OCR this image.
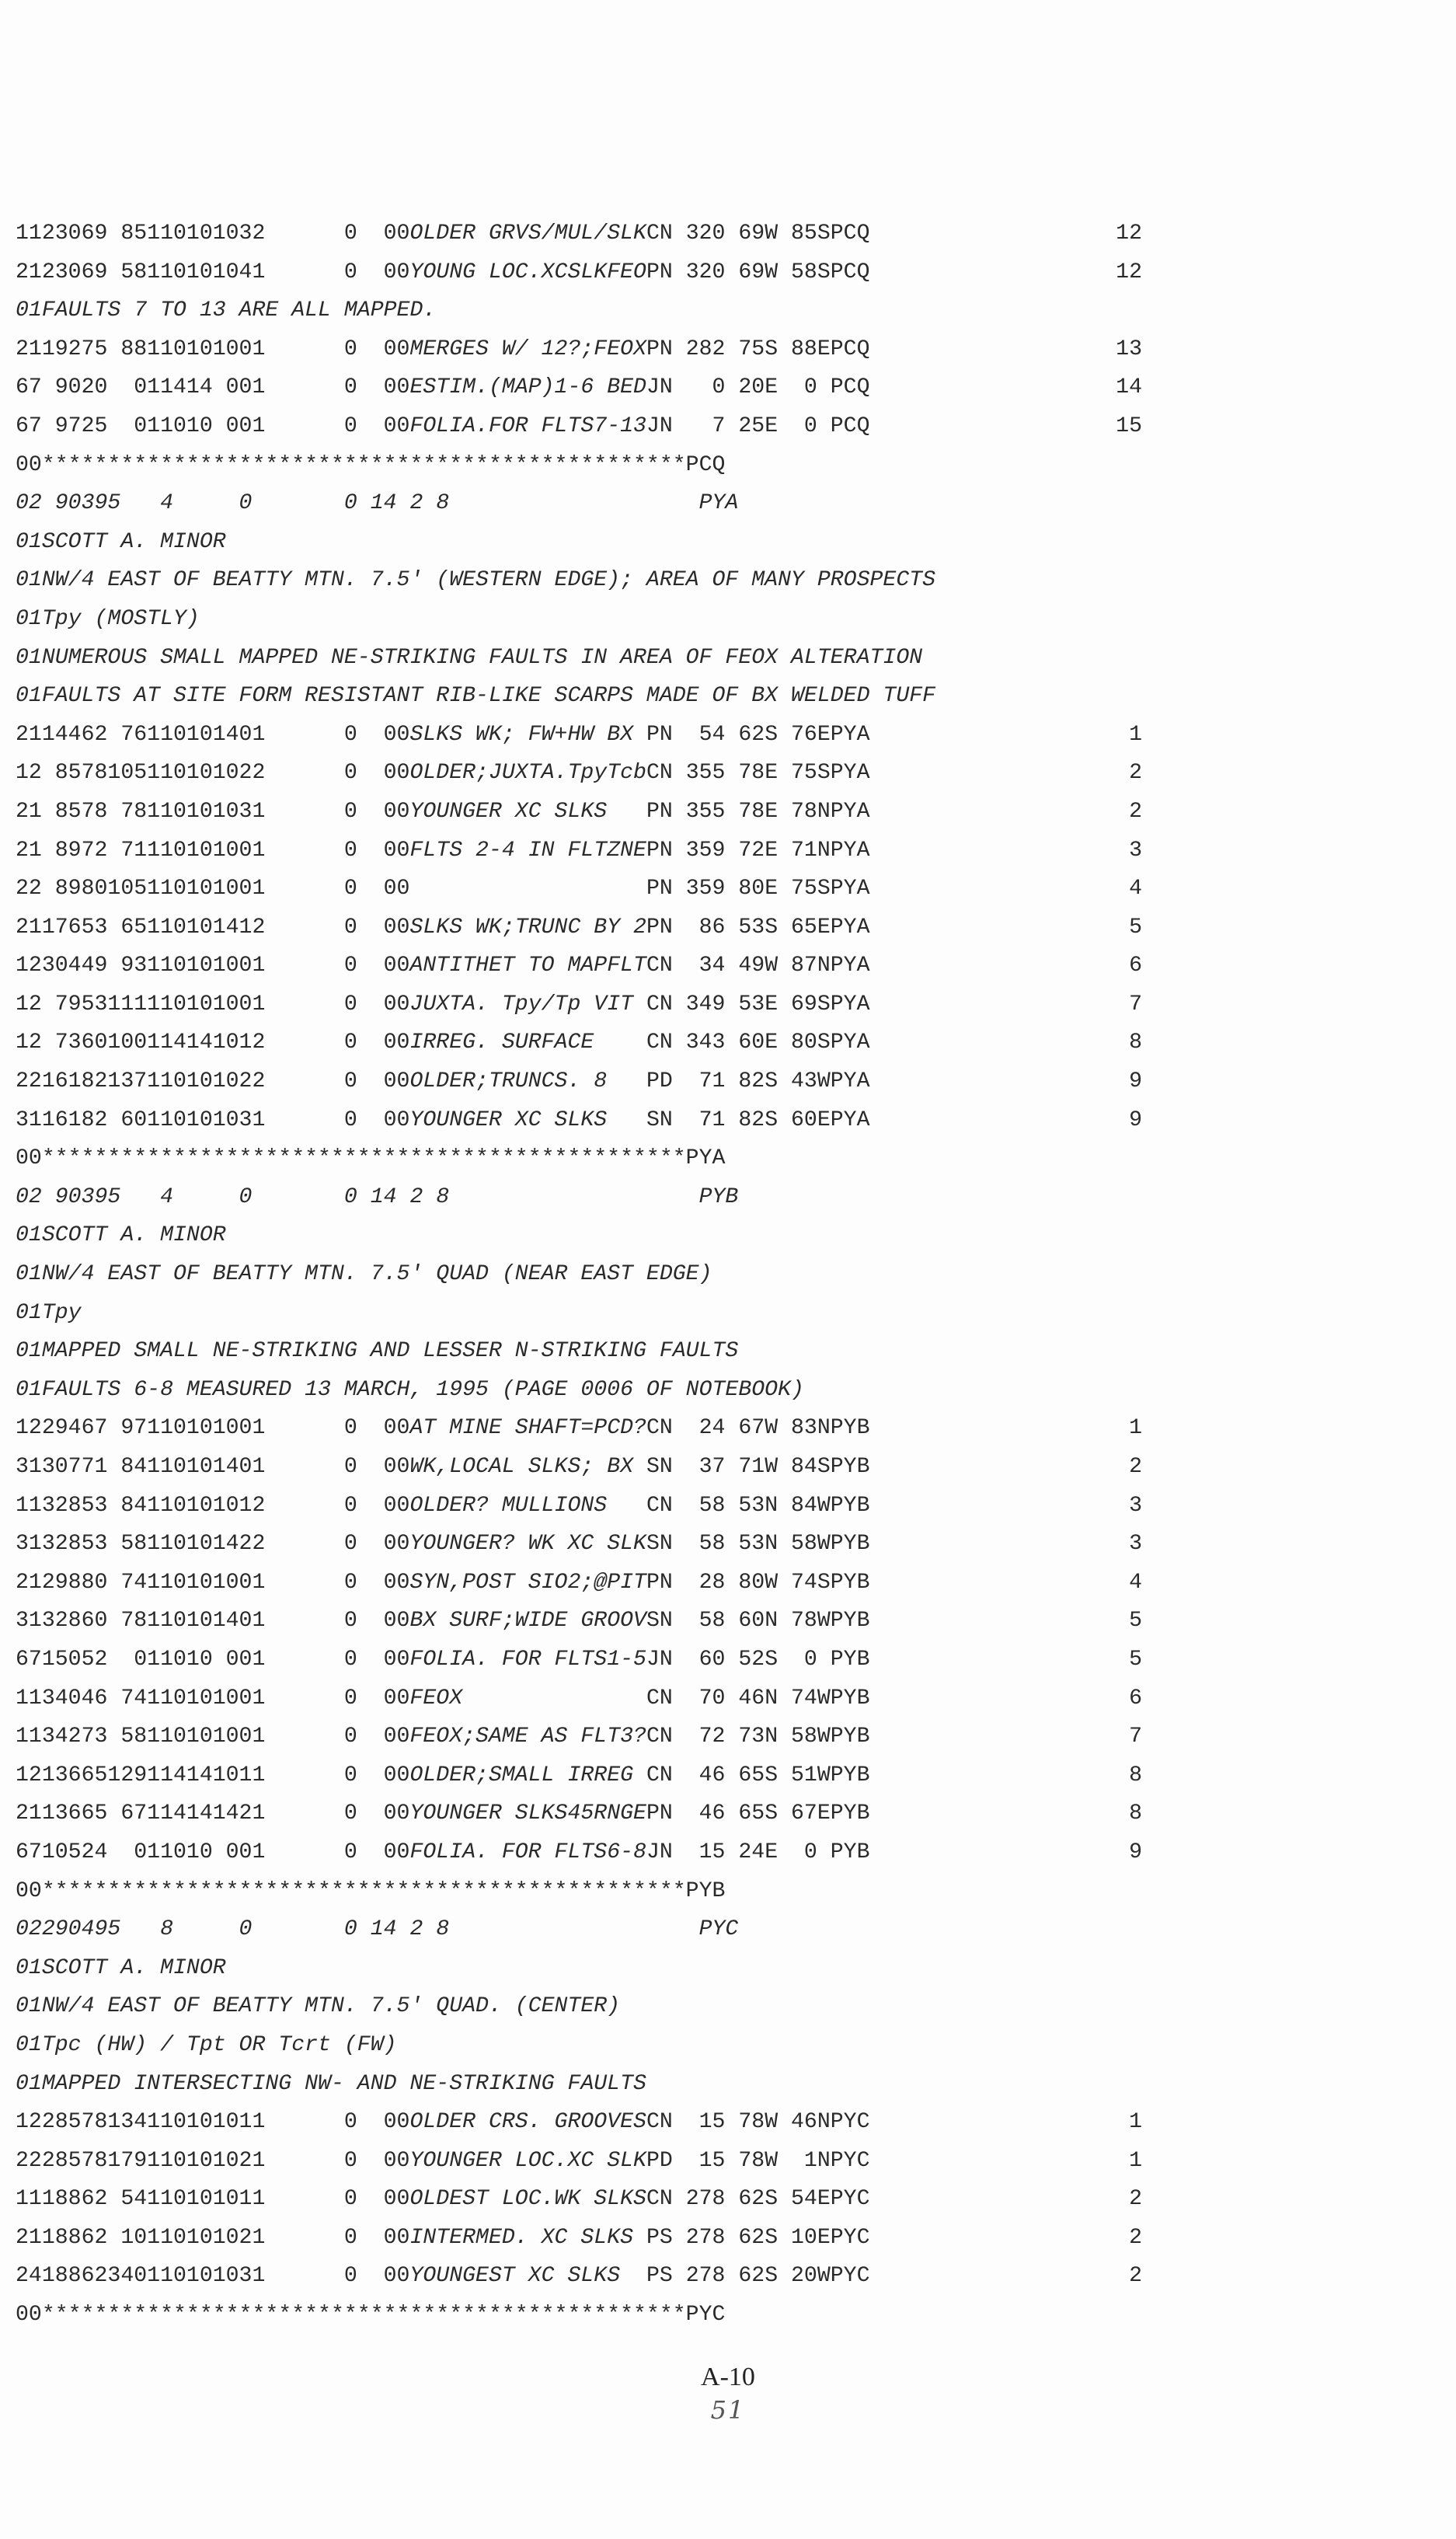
1123069 85110101032      0  00OLDER GRVS/MUL/SLKCN 320 69W 85SPCQ	12
2123069 58110101041      0  00YOUNG LOC.XCSLKFEOPN 320 69W 58SPCQ	12
01FAULTS 7 TO 13 ARE ALL MAPPED.
2119275 88110101001      0  00MERGES W/ 12?;FEOXPN 282 75S 88EPCQ	13
67 9020  011414 001      0  00ESTIM.(MAP)1-6 BEDJN   0 20E  0 PCQ	14
67 9725  011010 001      0  00FOLIA.FOR FLTS7-13JN   7 25E  0 PCQ	15
00*************************************************PCQ
02 90395   4     0       0 14 2 8                   PYA
01SCOTT A. MINOR
01NW/4 EAST OF BEATTY MTN. 7.5' (WESTERN EDGE); AREA OF MANY PROSPECTS
01Tpy (MOSTLY)
01NUMEROUS SMALL MAPPED NE-STRIKING FAULTS IN AREA OF FEOX ALTERATION
01FAULTS AT SITE FORM RESISTANT RIB-LIKE SCARPS MADE OF BX WELDED TUFF
2114462 76110101401      0  00SLKS WK; FW+HW BX PN  54 62S 76EPYA	1
12 8578105110101022      0  00OLDER;JUXTA.TpyTcbCN 355 78E 75SPYA	2
21 8578 78110101031      0  00YOUNGER XC SLKS   PN 355 78E 78NPYA	2
21 8972 71110101001      0  00FLTS 2-4 IN FLTZNEPN 359 72E 71NPYA	3
22 8980105110101001      0  00	PN 359 80E 75SPYA	4
2117653 65110101412      0  00SLKS WK;TRUNC BY 2PN  86 53S 65EPYA	5
1230449 93110101001      0  00ANTITHET TO MAPFLTCN  34 49W 87NPYA	6
12 7953111110101001      0  00JUXTA. Tpy/Tp VIT CN 349 53E 69SPYA	7
12 7360100114141012      0  00IRREG. SURFACE    CN 343 60E 80SPYA	8
2216182137110101022      0  00OLDER;TRUNCS. 8   PD  71 82S 43WPYA	9
3116182 60110101031      0  00YOUNGER XC SLKS   SN  71 82S 60EPYA	9
00*************************************************PYA
02 90395   4     0       0 14 2 8                   PYB
01SCOTT A. MINOR
01NW/4 EAST OF BEATTY MTN. 7.5' QUAD (NEAR EAST EDGE)
01Tpy
01MAPPED SMALL NE-STRIKING AND LESSER N-STRIKING FAULTS
01FAULTS 6-8 MEASURED 13 MARCH, 1995 (PAGE 0006 OF NOTEBOOK)
1229467 97110101001      0  00AT MINE SHAFT=PCD?CN  24 67W 83NPYB	1
3130771 84110101401      0  00WK,LOCAL SLKS; BX SN  37 71W 84SPYB	2
1132853 84110101012      0  00OLDER? MULLIONS   CN  58 53N 84WPYB	3
3132853 58110101422      0  00YOUNGER? WK XC SLKSN  58 53N 58WPYB	3
2129880 74110101001      0  00SYN,POST SIO2;@PITPN  28 80W 74SPYB	4
3132860 78110101401      0  00BX SURF;WIDE GROOVSN  58 60N 78WPYB	5
6715052  011010 001      0  00FOLIA. FOR FLTS1-5JN  60 52S  0 PYB	5
1134046 74110101001      0  00FEOX              CN  70 46N 74WPYB	6
1134273 58110101001      0  00FEOX;SAME AS FLT3?CN  72 73N 58WPYB	7
1213665129114141011      0  00OLDER;SMALL IRREG CN  46 65S 51WPYB	8
2113665 67114141421      0  00YOUNGER SLKS45RNGEPN  46 65S 67EPYB	8
6710524  011010 001      0  00FOLIA. FOR FLTS6-8JN  15 24E  0 PYB	9
00*************************************************PYB
02290495   8     0       0 14 2 8                   PYC
01SCOTT A. MINOR
01NW/4 EAST OF BEATTY MTN. 7.5' QUAD. (CENTER)
01Tpc (HW) / Tpt OR Tcrt (FW)
01MAPPED INTERSECTING NW- AND NE-STRIKING FAULTS
1228578134110101011      0  00OLDER CRS. GROOVESCN  15 78W 46NPYC	1
2228578179110101021      0  00YOUNGER LOC.XC SLKPD  15 78W  1NPYC	1
1118862 54110101011      0  00OLDEST LOC.WK SLKSCN 278 62S 54EPYC	2
2118862 10110101021      0  00INTERMED. XC SLKS PS 278 62S 10EPYC	2
2418862340110101031      0  00YOUNGEST XC SLKS  PS 278 62S 20WPYC	2
00*************************************************PYC
A-10
51
